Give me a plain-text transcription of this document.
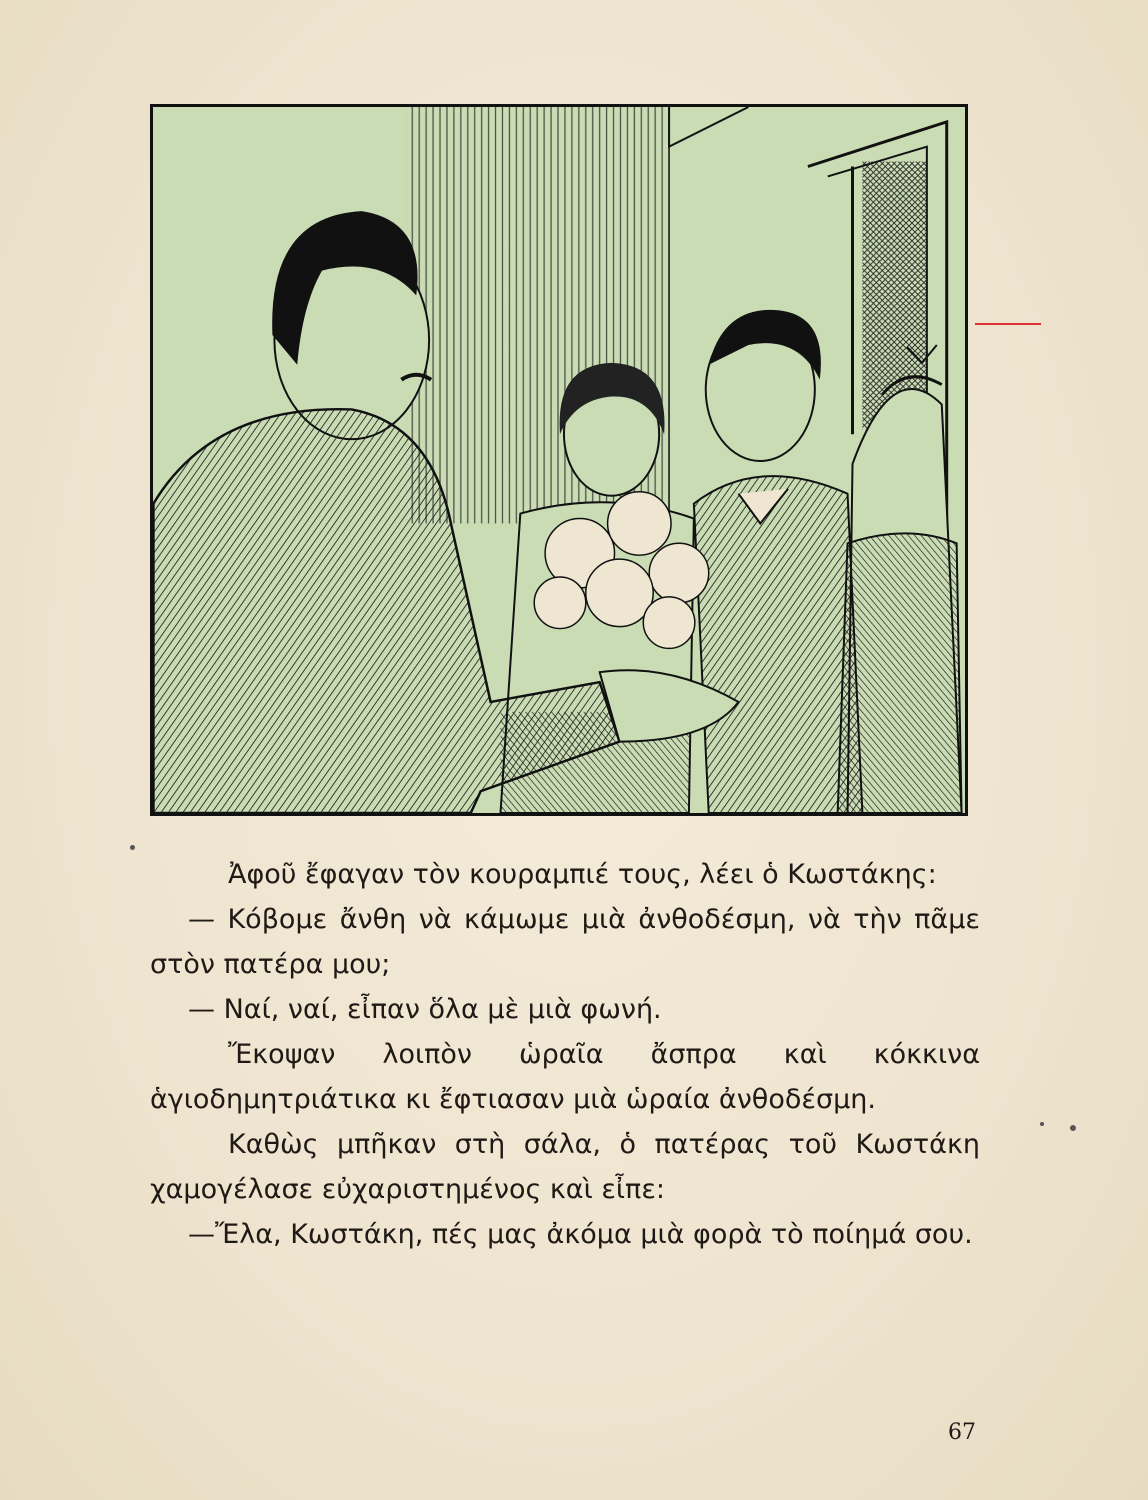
Ἀφοῦ ἔφαγαν τὸν κουραμπιέ τους, λέει ὁ Κωστάκης:

— Κόβομε ἄνθη νὰ κάμωμε μιὰ ἀνθοδέσμη, νὰ τὴν πᾶμε στὸν πατέρα μου;

— Ναί, ναί, εἶπαν ὅλα μὲ μιὰ φωνή.

Ἔκοψαν λοιπὸν ὡραῖα ἄσπρα καὶ κόκκινα ἁγιοδημητριάτικα κι ἔφτιασαν μιὰ ὡραία ἀνθοδέσμη.

Καθὼς μπῆκαν στὴ σάλα, ὁ πατέρας τοῦ Κωστάκη χαμογέλασε εὐχαριστημένος καὶ εἶπε:

—Ἔλα, Κωστάκη, πές μας ἀκόμα μιὰ φορὰ τὸ ποίημά σου.

67
